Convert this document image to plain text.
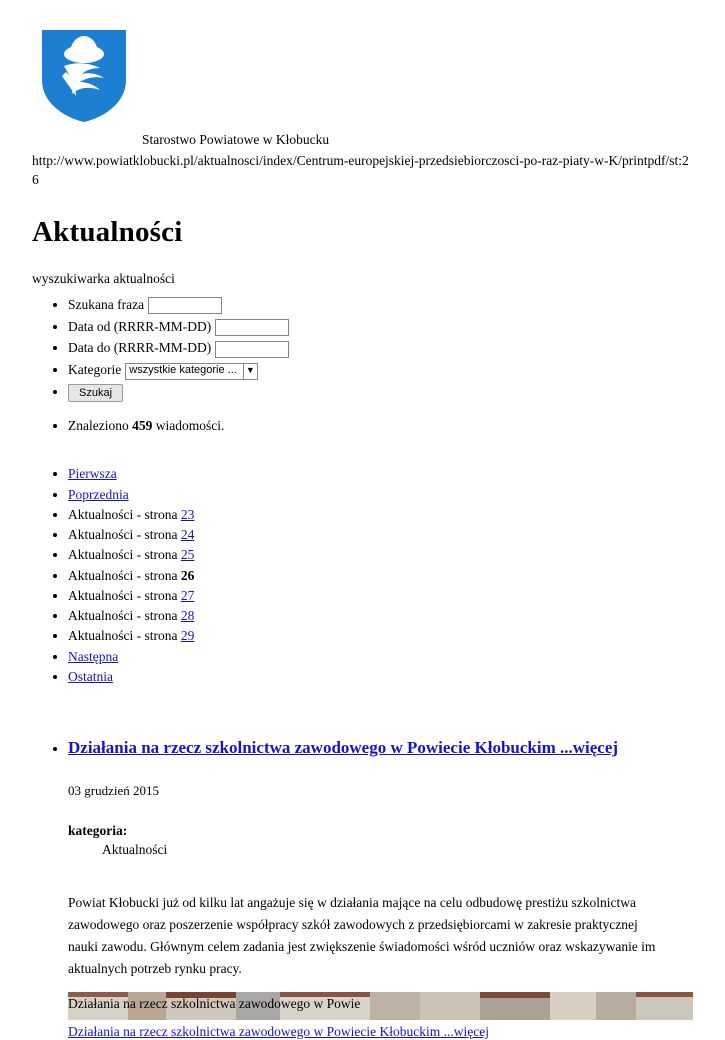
Starostwo Powiatowe w Kłobucku
http://www.powiatklobucki.pl/aktualnosci/index/Centrum-europejskiej-przedsiebiorczosci-po-raz-piaty-w-K/printpdf/st:26
Aktualności
wyszukiwarka aktualności
• Szukana fraza
• Data od (RRRR-MM-DD)
• Data do (RRRR-MM-DD)
• Kategorie wszystkie kategorie ...	▼
• Szukaj
• Znaleziono 459 wiadomości.
• Pierwsza
• Poprzednia
• Aktualności - strona 23
• Aktualności - strona 24
• Aktualności - strona 25
• Aktualności - strona 26
• Aktualności - strona 27
• Aktualności - strona 28
• Aktualności - strona 29
• Następna
• Ostatnia
• Działania na rzecz szkolnictwa zawodowego w Powiecie Kłobuckim ...więcej
03 grudzień 2015
kategoria:
Aktualności
Powiat Kłobucki już od kilku lat angażuje się w działania mające na celu odbudowę prestiżu szkolnictwa zawodowego oraz poszerzenie współpracy szkół zawodowych z przedsiębiorcami w zakresie praktycznej nauki zawodu. Głównym celem zadania jest zwiększenie świadomości wśród uczniów oraz wskazywanie im aktualnych potrzeb rynku pracy.
Działania na rzecz szkolnictwa zawodowego w Powie
Działania na rzecz szkolnictwa zawodowego w Powiecie Kłobuckim ...więcej
